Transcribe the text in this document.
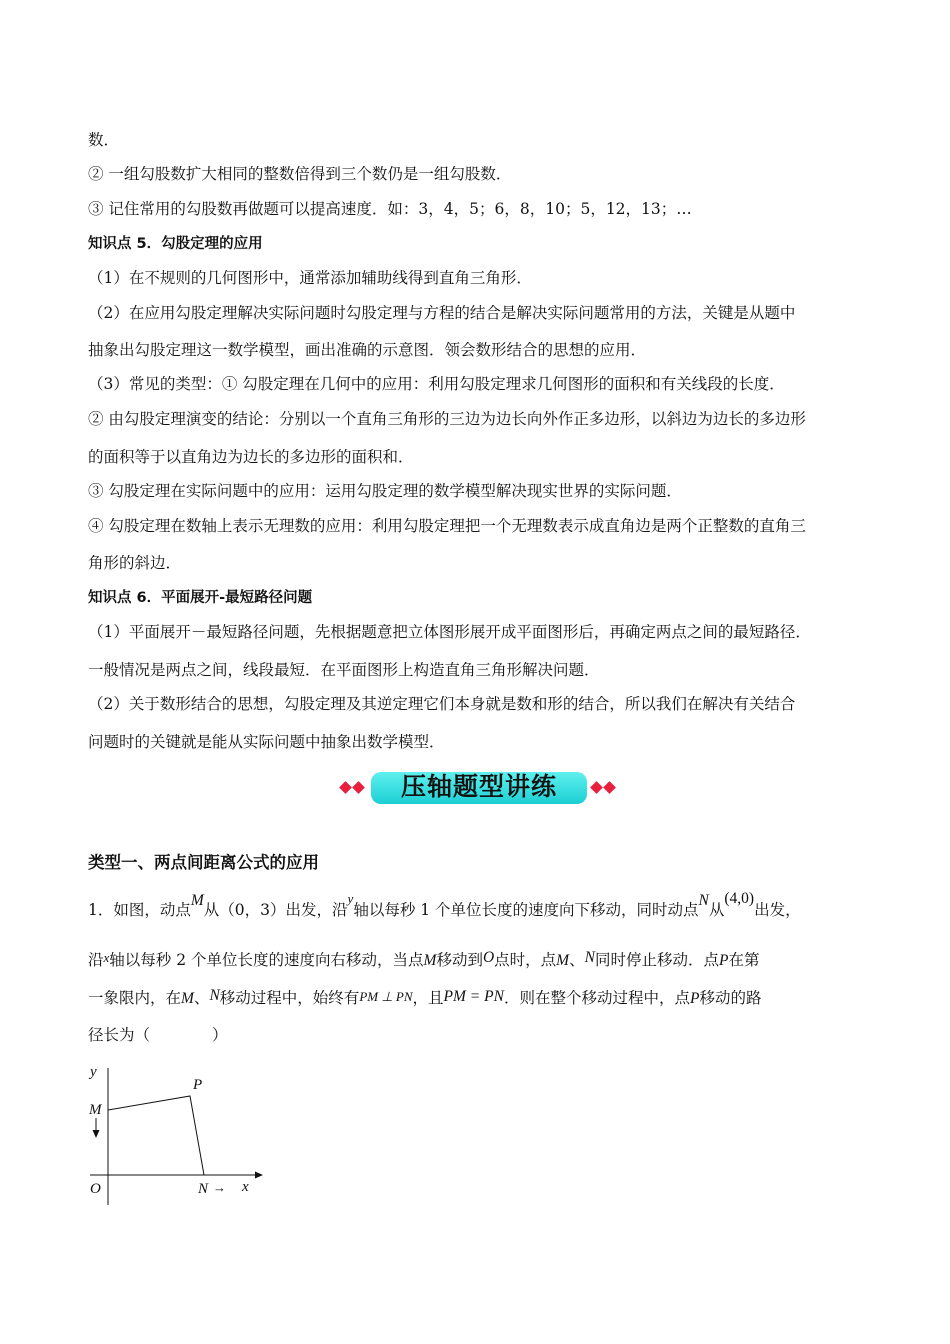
数．
② 一组勾股数扩大相同的整数倍得到三个数仍是一组勾股数．
③ 记住常用的勾股数再做题可以提高速度．如：3，4，5；6，8，10；5，12，13；…
知识点 5．勾股定理的应用
（1）在不规则的几何图形中，通常添加辅助线得到直角三角形．
（2）在应用勾股定理解决实际问题时勾股定理与方程的结合是解决实际问题常用的方法，关键是从题中
抽象出勾股定理这一数学模型，画出准确的示意图．领会数形结合的思想的应用．
（3）常见的类型：① 勾股定理在几何中的应用：利用勾股定理求几何图形的面积和有关线段的长度．
② 由勾股定理演变的结论：分别以一个直角三角形的三边为边长向外作正多边形，以斜边为边长的多边形
的面积等于以直角边为边长的多边形的面积和．
③ 勾股定理在实际问题中的应用：运用勾股定理的数学模型解决现实世界的实际问题．
④ 勾股定理在数轴上表示无理数的应用：利用勾股定理把一个无理数表示成直角边是两个正整数的直角三
角形的斜边．
知识点 6．平面展开-最短路径问题
（1）平面展开－最短路径问题，先根据题意把立体图形展开成平面图形后，再确定两点之间的最短路径．
一般情况是两点之间，线段最短．在平面图形上构造直角三角形解决问题．
（2）关于数形结合的思想，勾股定理及其逆定理它们本身就是数和形的结合，所以我们在解决有关结合
问题时的关键就是能从实际问题中抽象出数学模型．
压轴题型讲练
类型一、两点间距离公式的应用
1．如图，动点M从（0，3）出发，沿$^y$轴以每秒 1 个单位长度的速度向下移动，同时动点N从(4,0)出发，
沿x轴以每秒 2 个单位长度的速度向右移动，当点M移动到O点时，点M、N同时停止移动．点P在第
一象限内，在M、N移动过程中，始终有PM ⊥ PN，且PM = PN．则在整个移动过程中，点P移动的路
径长为（　　　　）
y
M
P
O	N → x
